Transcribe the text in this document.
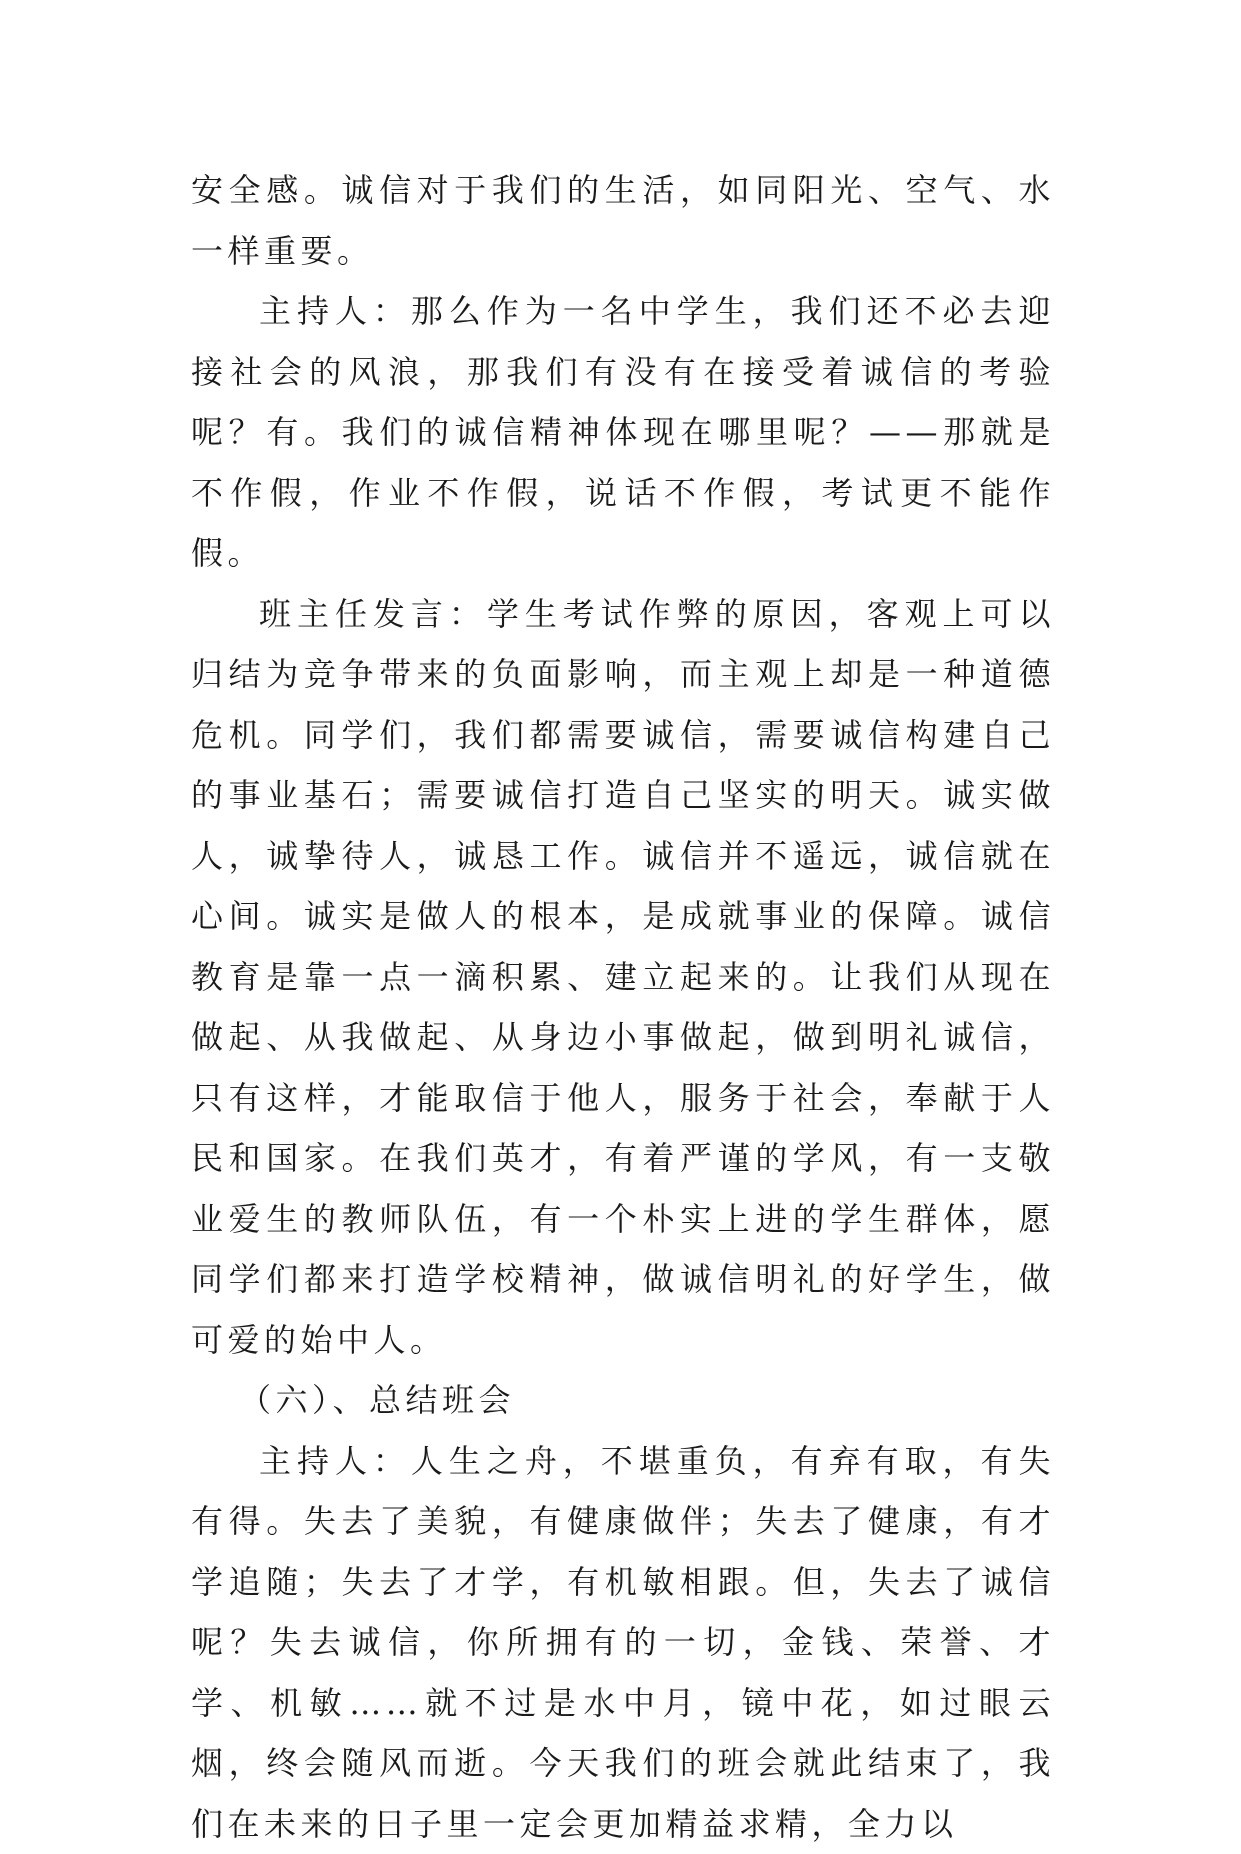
安全感。诚信对于我们的生活，如同阳光、空气、水一样重要。

主持人：那么作为一名中学生，我们还不必去迎接社会的风浪，那我们有没有在接受着诚信的考验呢？有。我们的诚信精神体现在哪里呢？——那就是不作假，作业不作假，说话不作假，考试更不能作假。

班主任发言：学生考试作弊的原因，客观上可以归结为竞争带来的负面影响，而主观上却是一种道德危机。同学们，我们都需要诚信，需要诚信构建自己的事业基石；需要诚信打造自己坚实的明天。诚实做人，诚挚待人，诚恳工作。诚信并不遥远，诚信就在心间。诚实是做人的根本，是成就事业的保障。诚信教育是靠一点一滴积累、建立起来的。让我们从现在做起、从我做起、从身边小事做起，做到明礼诚信，只有这样，才能取信于他人，服务于社会，奉献于人民和国家。在我们英才，有着严谨的学风，有一支敬业爱生的教师队伍，有一个朴实上进的学生群体，愿同学们都来打造学校精神，做诚信明礼的好学生，做可爱的始中人。

（六）、总结班会

主持人：人生之舟，不堪重负，有弃有取，有失有得。失去了美貌，有健康做伴；失去了健康，有才学追随；失去了才学，有机敏相跟。但，失去了诚信呢？失去诚信，你所拥有的一切，金钱、荣誉、才学、机敏……就不过是水中月，镜中花，如过眼云烟，终会随风而逝。今天我们的班会就此结束了，我们在未来的日子里一定会更加精益求精，全力以
